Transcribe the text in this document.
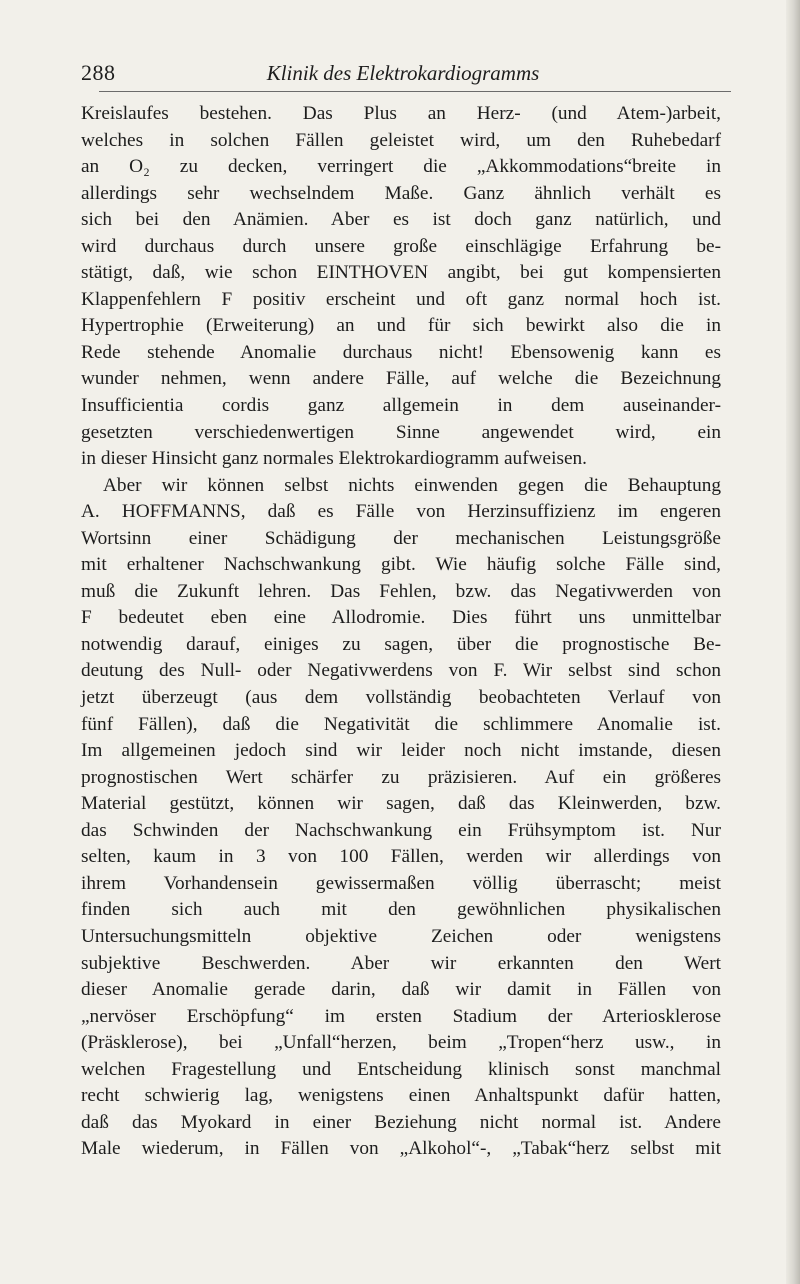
288	Klinik des Elektrokardiogramms
Kreislaufes bestehen. Das Plus an Herz- (und Atem-)arbeit,
welches in solchen Fällen geleistet wird, um den Ruhebedarf
an O₂ zu decken, verringert die „Akkommodations“breite in
allerdings sehr wechselndem Maße. Ganz ähnlich verhält es
sich bei den Anämien. Aber es ist doch ganz natürlich, und
wird durchaus durch unsere große einschlägige Erfahrung be-
stätigt, daß, wie schon EINTHOVEN angibt, bei gut kompensierten
Klappenfehlern F positiv erscheint und oft ganz normal hoch ist.
Hypertrophie (Erweiterung) an und für sich bewirkt also die in
Rede stehende Anomalie durchaus nicht! Ebensowenig kann es
wunder nehmen, wenn andere Fälle, auf welche die Bezeichnung
Insufficientia cordis ganz allgemein in dem auseinander-
gesetzten verschiedenwertigen Sinne angewendet wird, ein
in dieser Hinsicht ganz normales Elektrokardiogramm aufweisen.
Aber wir können selbst nichts einwenden gegen die Behauptung
A. HOFFMANNS, daß es Fälle von Herzinsuffizienz im engeren
Wortsinn einer Schädigung der mechanischen Leistungsgröße
mit erhaltener Nachschwankung gibt. Wie häufig solche Fälle sind,
muß die Zukunft lehren. Das Fehlen, bzw. das Negativwerden von
F bedeutet eben eine Allodromie. Dies führt uns unmittelbar
notwendig darauf, einiges zu sagen, über die prognostische Be-
deutung des Null- oder Negativwerdens von F. Wir selbst sind schon
jetzt überzeugt (aus dem vollständig beobachteten Verlauf von
fünf Fällen), daß die Negativität die schlimmere Anomalie ist.
Im allgemeinen jedoch sind wir leider noch nicht imstande, diesen
prognostischen Wert schärfer zu präzisieren. Auf ein größeres
Material gestützt, können wir sagen, daß das Kleinwerden, bzw.
das Schwinden der Nachschwankung ein Frühsymptom ist. Nur
selten, kaum in 3 von 100 Fällen, werden wir allerdings von
ihrem Vorhandensein gewissermaßen völlig überrascht; meist
finden sich auch mit den gewöhnlichen physikalischen
Untersuchungsmitteln objektive Zeichen oder wenigstens
subjektive Beschwerden. Aber wir erkannten den Wert
dieser Anomalie gerade darin, daß wir damit in Fällen von
„nervöser Erschöpfung“ im ersten Stadium der Arteriosklerose
(Präsklerose), bei „Unfall“herzen, beim „Tropen“herz usw., in
welchen Fragestellung und Entscheidung klinisch sonst manchmal
recht schwierig lag, wenigstens einen Anhaltspunkt dafür hatten,
daß das Myokard in einer Beziehung nicht normal ist. Andere
Male wiederum, in Fällen von „Alkohol“-, „Tabak“herz selbst mit
